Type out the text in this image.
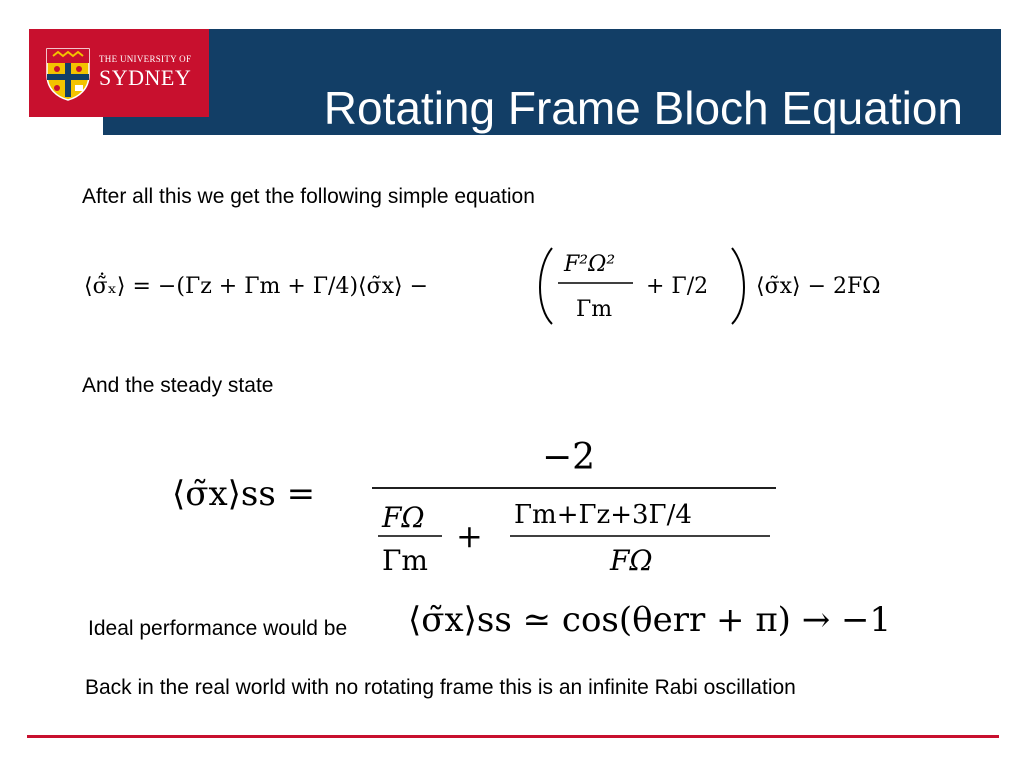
Rotating Frame Bloch Equation
THE UNIVERSITY OF
SYDNEY
After all this we get the following simple equation
⟨σ̃̇ₓ⟩ = −(Γz + Γm + Γ/4)⟨σ̃x⟩ −
F²Ω²
Γm
+ Γ/2 ⟨σ̃x⟩ − 2FΩ
And the steady state
⟨σ̃x⟩ss =
−2
FΩ
Γm
+
Γm+Γz+3Γ/4
FΩ
Ideal performance would be ⟨σ̃x⟩ss ≃ cos(θerr + π) → −1
Back in the real world with no rotating frame this is an infinite Rabi oscillation
